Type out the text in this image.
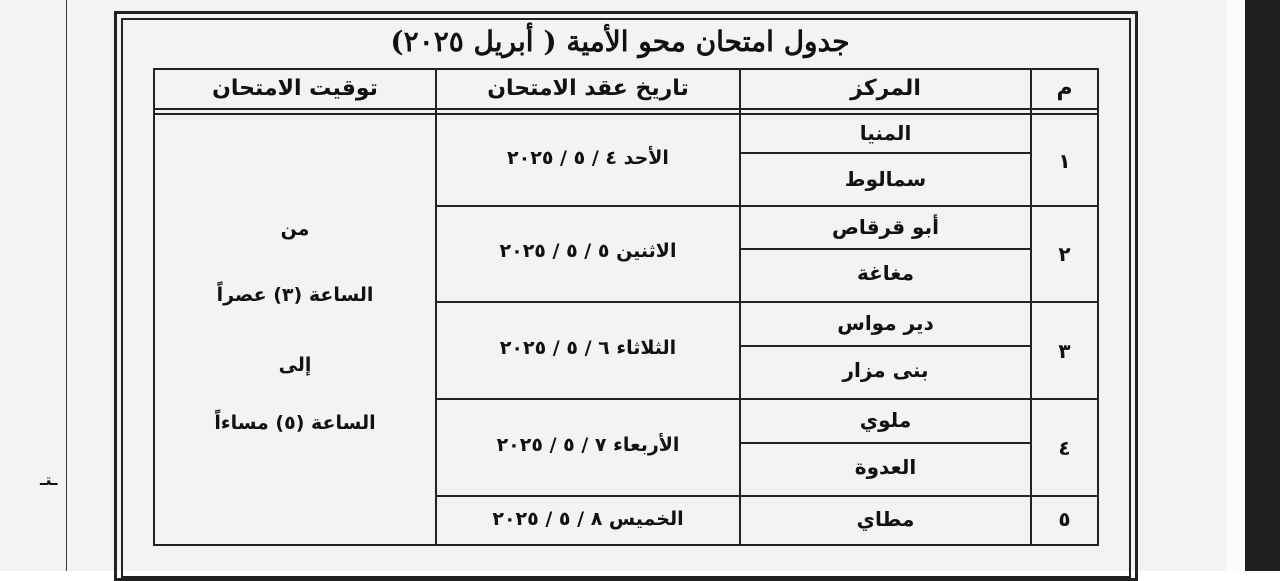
جدول امتحان محو الأمية ( أبريل ٢٠٢٥)
ـتـ
م
المركز
تاريخ عقد الامتحان
توقيت الامتحان
١
المنيا
سمالوط
الأحد ٤ / ٥ / ٢٠٢٥
٢
أبو قرقاص
مغاغة
الاثنين ٥ / ٥ / ٢٠٢٥
٣
دير مواس
بنى مزار
الثلاثاء ٦ / ٥ / ٢٠٢٥
٤
ملوي
العدوة
الأربعاء ٧ / ٥ / ٢٠٢٥
٥
مطاي
الخميس ٨ / ٥ / ٢٠٢٥
من
الساعة (٣) عصراً
إلى
الساعة (٥) مساءاً
